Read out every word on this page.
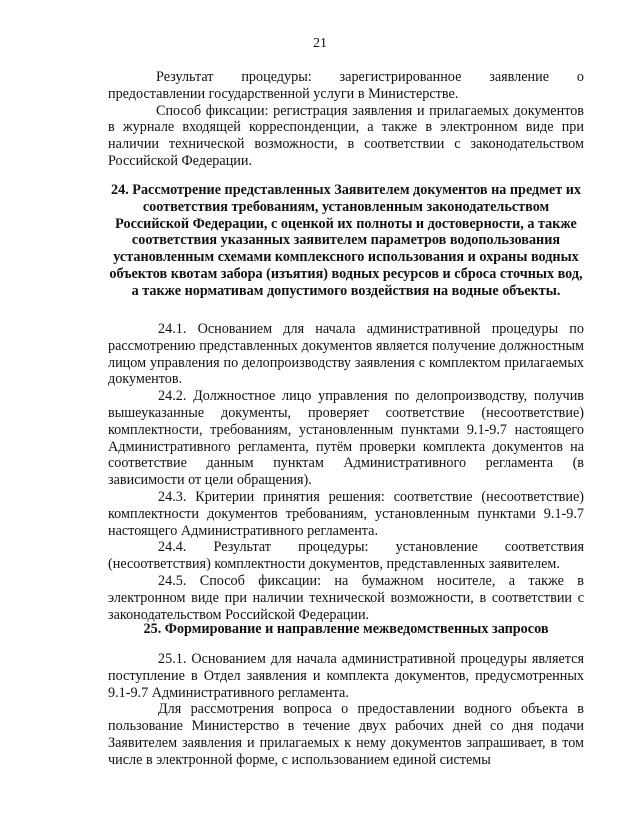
21

Результат процедуры: зарегистрированное заявление о предоставлении государственной услуги в Министерстве.

Способ фиксации: регистрация заявления и прилагаемых документов в журнале входящей корреспонденции, а также в электронном виде при наличии технической возможности, в соответствии с законодательством Российской Федерации.

24. Рассмотрение представленных Заявителем документов на предмет их соответствия требованиям, установленным законодательством Российской Федерации, с оценкой их полноты и достоверности, а также соответствия указанных заявителем параметров водопользования установленным схемами комплексного использования и охраны водных объектов квотам забора (изъятия) водных ресурсов и сброса сточных вод, а также нормативам допустимого воздействия на водные объекты.

24.1. Основанием для начала административной процедуры по рассмотрению представленных документов является получение должностным лицом управления по делопроизводству заявления с комплектом прилагаемых документов.

24.2. Должностное лицо управления по делопроизводству, получив вышеуказанные документы, проверяет соответствие (несоответствие) комплектности, требованиям, установленным пунктами 9.1-9.7 настоящего Административного регламента, путём проверки комплекта документов на соответствие данным пунктам Административного регламента (в зависимости от цели обращения).

24.3. Критерии принятия решения: соответствие (несоответствие) комплектности документов требованиям, установленным пунктами 9.1-9.7 настоящего Административного регламента.

24.4. Результат процедуры: установление соответствия (несоответствия) комплектности документов, представленных заявителем.

24.5. Способ фиксации: на бумажном носителе, а также в электронном виде при наличии технической возможности, в соответствии с законодательством Российской Федерации.

25. Формирование и направление межведомственных запросов

25.1. Основанием для начала административной процедуры является поступление в Отдел заявления и комплекта документов, предусмотренных 9.1-9.7 Административного регламента.

Для рассмотрения вопроса о предоставлении водного объекта в пользование Министерство в течение двух рабочих дней со дня подачи Заявителем заявления и прилагаемых к нему документов запрашивает, в том числе в электронной форме, с использованием единой системы
